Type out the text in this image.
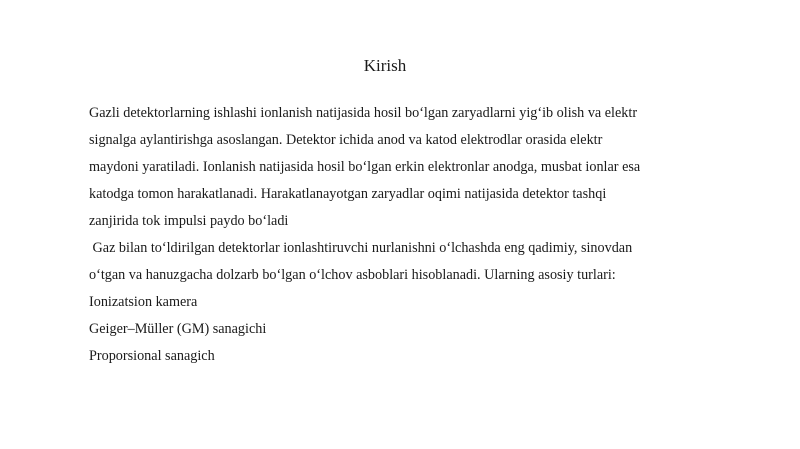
Kirish
Gazli detektorlarning ishlashi ionlanish natijasida hosil bo‘lgan zaryadlarni yig‘ib olish va elektr
signalga aylantirishga asoslangan. Detektor ichida anod va katod elektrodlar orasida elektr
maydoni yaratiladi. Ionlanish natijasida hosil bo‘lgan erkin elektronlar anodga, musbat ionlar esa
katodga tomon harakatlanadi. Harakatlanayotgan zaryadlar oqimi natijasida detektor tashqi
zanjirida tok impulsi paydo bo‘ladi
Gaz bilan to‘ldirilgan detektorlar ionlashtiruvchi nurlanishni o‘lchashda eng qadimiy, sinovdan
o‘tgan va hanuzgacha dolzarb bo‘lgan o‘lchov asboblari hisoblanadi. Ularning asosiy turlari:
Ionizatsion kamera
Geiger–Müller (GM) sanagichi
Proporsional sanagich
